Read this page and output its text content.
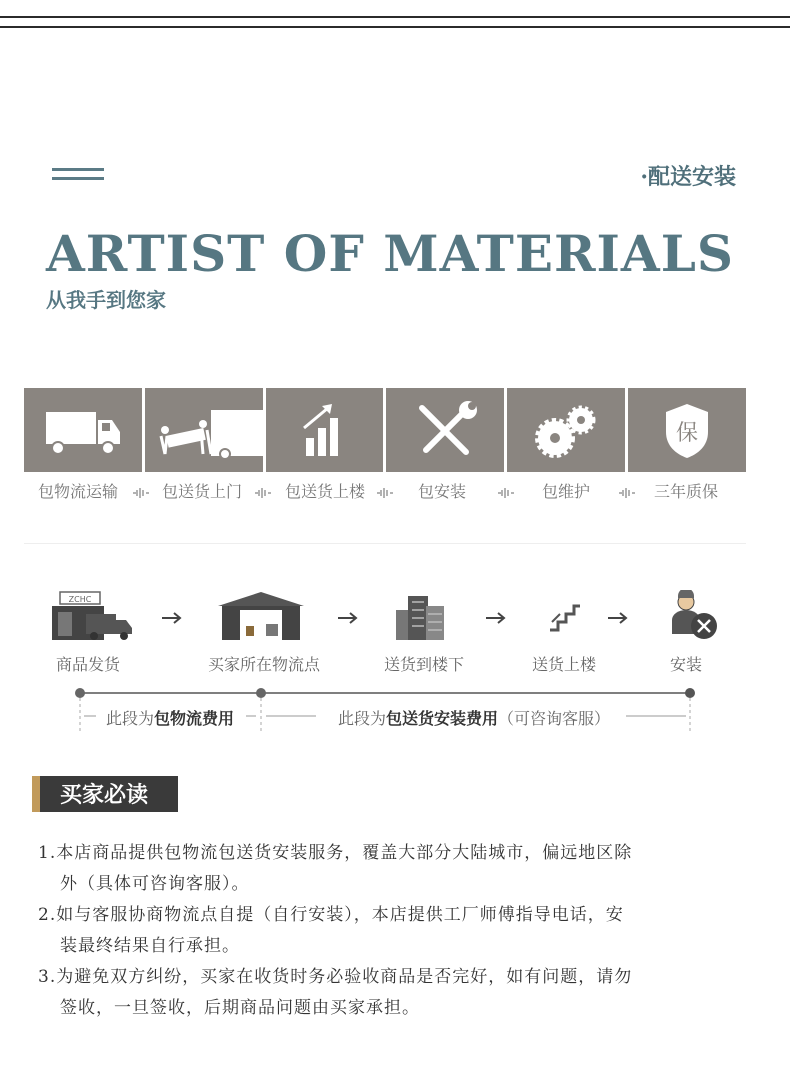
·配送安装
ARTIST OF MATERIALS
从我手到您家
保
包物流运输	包送货上门	包送货上楼	包安装	包维护	三年质保
ZCHC
商品发货	买家所在物流点	送货到楼下	送货上楼	安装
此段为包物流费用	此段为包送货安装费用（可咨询客服）
买家必读
1.本店商品提供包物流包送货安装服务，覆盖大部分大陆城市，偏远地区除
外（具体可咨询客服）。
2.如与客服协商物流点自提（自行安装），本店提供工厂师傅指导电话，安
装最终结果自行承担。
3.为避免双方纠纷，买家在收货时务必验收商品是否完好，如有问题，请勿
签收，一旦签收，后期商品问题由买家承担。
